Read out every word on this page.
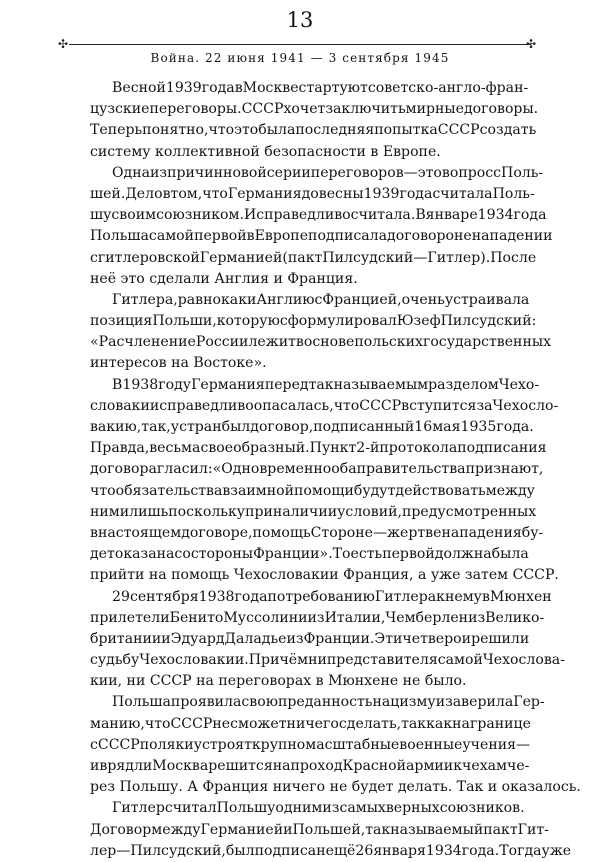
13
✣	✣
Война. 22 июня 1941 — 3 сентября 1945
Весной 1939 года в Москве стартуют советско-англо-фран-
цузские переговоры. СССР хочет заключить мирные договоры.
Теперь понятно, что это была последняя попытка СССР создать
систему коллективной безопасности в Европе.
Одна из причин новой серии переговоров — это вопрос с Поль-
шей. Дело в том, что Германия до весны 1939 года считала Поль-
шу своим союзником. И справедливо считала. В январе 1934 года
Польша самой первой в Европе подписала договор о ненападении
с гитлеровской Германией (пакт Пилсудский — Гитлер). После
неё это сделали Англия и Франция.
Гитлера, равно как и Англию с Францией, очень устраивала
позиция Польши, которую сформулировал Юзеф Пилсудский:
«Расчленение России лежит в основе польских государственных
интересов на Востоке».
В 1938 году Германия перед так называемым разделом Чехо-
словакии справедливо опасалась, что СССР вступится за Чехосло-
вакию, так, у стран был договор, подписанный 16 мая 1935 года.
Правда, весьма своеобразный. Пункт 2-й протокола подписания
договора гласил: «Одновременно оба правительства признают,
что обязательства взаимной помощи будут действовать между
ними лишь поскольку при наличии условий, предусмотренных
в настоящем договоре, помощь Стороне — жертве нападения бу-
дет оказана со стороны Франции». То есть первой должна была
прийти на помощь Чехословакии Франция, а уже затем СССР.
29 сентября 1938 года по требованию Гитлера к нему в Мюнхен
прилетели Бенито Муссолини из Италии, Чемберлен из Велико-
британии и Эдуард Даладье из Франции. Эти четверо и решили
судьбу Чехословакии. Причём ни представителя самой Чехослова-
кии, ни СССР на переговорах в Мюнхене не было.
Польша проявила свою преданность нацизму и заверила Гер-
манию, что СССР не сможет ничего сделать, так как на границе
с СССР поляки устроят крупномасштабные военные учения —
и вряд ли Москва решится на проход Красной армии к чехам че-
рез Польшу. А Франция ничего не будет делать. Так и оказалось.
Гитлер считал Польшу одним из самых верных союзников.
Договор между Германией и Польшей, так называемый пакт Гит-
лер —Пилсудский, был подписан ещё 26 января1934 года. Тогда уже
